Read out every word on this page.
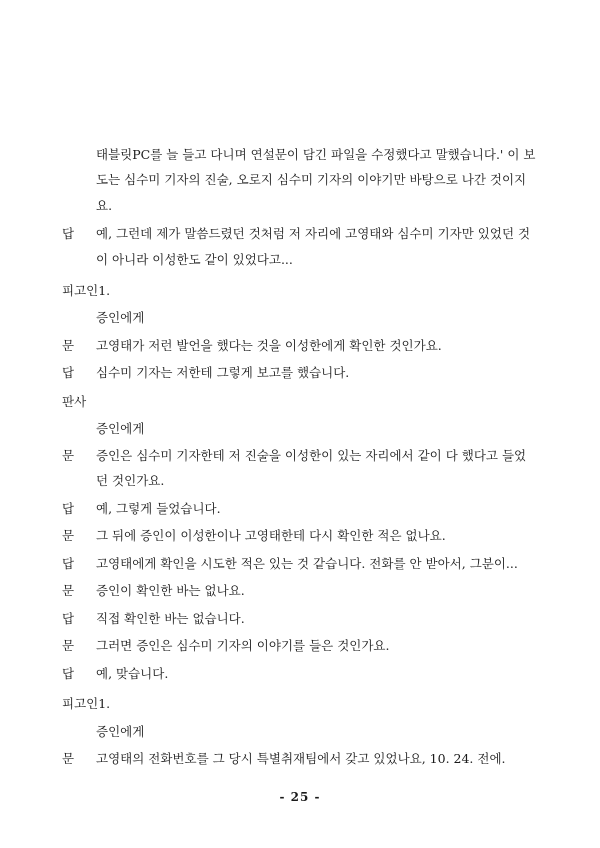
태블릿PC를 늘 들고 다니며 연설문이 담긴 파일을 수정했다고 말했습니다.' 이 보
도는 심수미 기자의 진술, 오로지 심수미 기자의 이야기만 바탕으로 나간 것이지
요.
답	예, 그런데 제가 말씀드렸던 것처럼 저 자리에 고영태와 심수미 기자만 있었던 것
이 아니라 이성한도 같이 있었다고...
피고인1.
증인에게
문	고영태가 저런 발언을 했다는 것을 이성한에게 확인한 것인가요.
답	심수미 기자는 저한테 그렇게 보고를 했습니다.
판사
증인에게
문	증인은 심수미 기자한테 저 진술을 이성한이 있는 자리에서 같이 다 했다고 들었
던 것인가요.
답	예, 그렇게 들었습니다.
문	그 뒤에 증인이 이성한이나 고영태한테 다시 확인한 적은 없나요.
답	고영태에게 확인을 시도한 적은 있는 것 같습니다. 전화를 안 받아서, 그분이...
문	증인이 확인한 바는 없나요.
답	직접 확인한 바는 없습니다.
문	그러면 증인은 심수미 기자의 이야기를 들은 것인가요.
답	예, 맞습니다.
피고인1.
증인에게
문	고영태의 전화번호를 그 당시 특별취재팀에서 갖고 있었나요, 10. 24. 전에.
- 25 -
